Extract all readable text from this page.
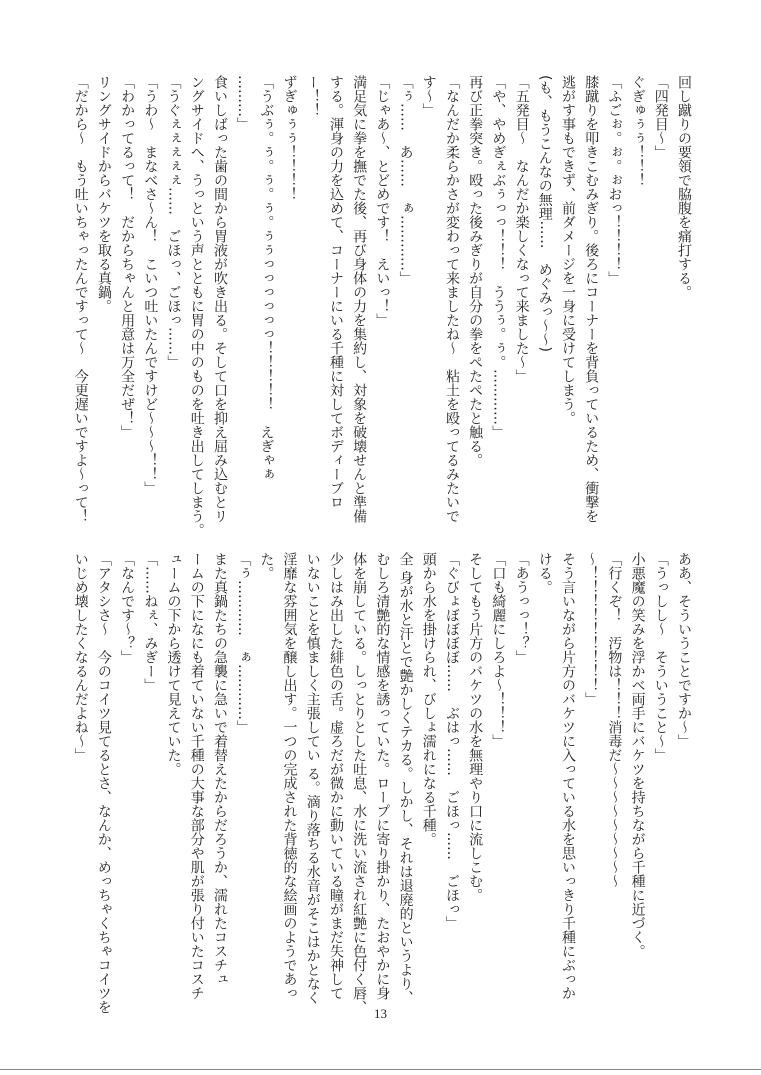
回し蹴りの要領で脇腹を痛打する。
「四発目～」
ぐぎゅぅぅ！！！
「ふごぉ。ぉ。ぉおっ！！！！」
膝蹴りを叩きこむみぎり。後ろにコーナーを背負っているため、衝撃を
逃がす事もできず、前ダメージを一身に受けてしまう。
(も、もうこんなの無理……　めぐみっ～～)
「五発目～　なんだか楽しくなって来ました～」
「や、やめぎぇぶぅっっ！！！　ううぅ。ぅ。…………」
再び正拳突き。殴った後みぎりが自分の拳をぺたぺたと触る。
「なんだか柔らかさが変わって来ましたね～　粘土を殴ってるみたいで
す～」
「ぅ……　あ……　ぁ…………」
「じゃあ～、とどめです！　えいっ！」
満足気に拳を撫でた後、再び身体の力を集約し、対象を破壊せんと準備
する。渾身の力を込めて、コーナーにいる千種に対してボディーブロ
ー！！
ずぎゅぅぅ！！！！
「うぶぅ。ぅ。ぅ。ぅ。ぅぅっっっっっっ！！！！！　えぎゃぁ
………」
食いしばった歯の間から胃液が吹き出る。そして口を抑え屈み込むとリ
ングサイドへ、うっという声とともに胃の中のものを吐き出してしまう。
「うぐぇぇぇぇぇ……　ごほっ、ごほっ……」
「うわ～　まなべさ～ん！　こいつ吐いたんですけど～～～！！」
「わかってるって！　だからちゃんと用意は万全だぜ！」
リングサイドからバケツを取る真鍋。
「だから～　もう吐いちゃったんですって～　今更遅いですよ～って！
ああ、そういうことですか～」
「うっしし～　そういうこと～」
小悪魔の笑みを浮かべ両手にバケツを持ちながら千種に近づく。
「行くぞ！　汚物は！！！消毒だ～～～～～～～～～
～！！！！！！！！！」
そう言いながら片方のバケツに入っている水を思いっきり千種にぶっか
ける。
「あうっっ！？」
「口も綺麗にしろよ～！！！」
そしてもう片方のバケツの水を無理やり口に流しこむ。
「ぐびょぼぼぼぼ……　ぶはっ……　ごほっ……　ごほっ」
頭から水を掛けられ、びしょ濡れになる千種。
全 身が水と汗とで艶かしくテカる。しかし、それは退廃的というより、
むしろ清艶的な情感を誘っていた。ロープに寄り掛かり、たおやかに身
体を崩している。しっとりとした吐息、水に洗い流され紅艶に色付く唇、
少しはみ出した緋色の舌。虚ろだが微かに動いている瞳がまだ失神して
いないことを慎ましく主張してい る。滴り落ちる水音がそこはかとなく
淫靡な雰囲気を醸し出す。一つの完成された背徳的な絵画のようであっ
た。
「ぅ…………　ぁ…………」
また真鍋たちの急襲に急いで着替えたからだろうか、濡れたコスチュ
ームの下になにも着ていない千種の大事な部分や肌が張り付いたコスチ
ュームの下から透けて見えていた。
「……ねぇ、みぎー」
「なんです～？」
「アタシさ～　今のコイツ見てるとさ、なんか、めっちゃくちゃコイツを
いじめ壊したくなるんだよね～」
13
